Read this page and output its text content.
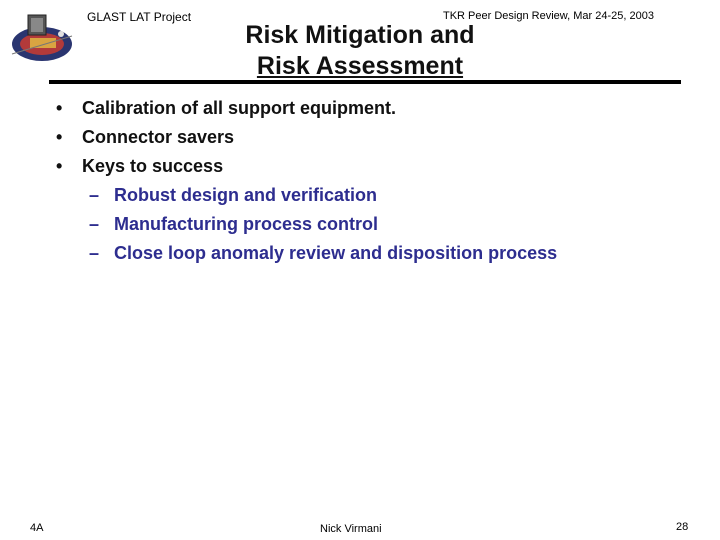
GLAST LAT Project	TKR Peer Design Review, Mar 24-25, 2003
Risk Mitigation and
Risk Assessment
• Calibration of all support equipment.
• Connector savers
• Keys to success
– Robust design and verification
– Manufacturing process control
– Close loop anomaly review and disposition process
4A	Nick Virmani	28
